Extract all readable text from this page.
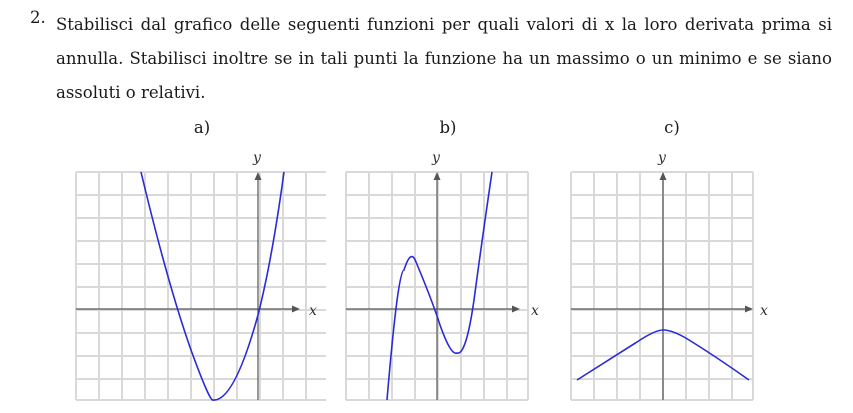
2. Stabilisci dal grafico delle seguenti funzioni per quali valori di x la loro derivata prima si annulla. Stabilisci inoltre se in tali punti la funzione ha un massimo o un minimo e se siano assoluti o relativi.

a)
x
y
b)
x
y
c)
x
y
